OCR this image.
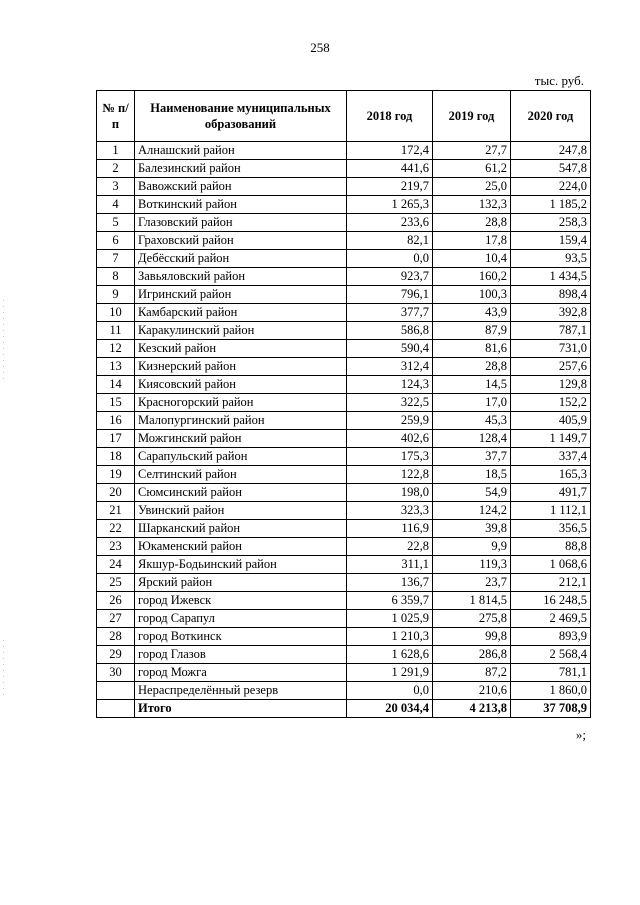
258
тыс. руб.
№ п/п	Наименование муниципальных образований	2018 год	2019 год	2020 год
1	Алнашский район	172,4	27,7	247,8
2	Балезинский район	441,6	61,2	547,8
3	Вавожский район	219,7	25,0	224,0
4	Воткинский район	1 265,3	132,3	1 185,2
5	Глазовский район	233,6	28,8	258,3
6	Граховский район	82,1	17,8	159,4
7	Дебёсский район	0,0	10,4	93,5
8	Завьяловский район	923,7	160,2	1 434,5
9	Игринский район	796,1	100,3	898,4
10	Камбарский район	377,7	43,9	392,8
11	Каракулинский район	586,8	87,9	787,1
12	Кезский район	590,4	81,6	731,0
13	Кизнерский район	312,4	28,8	257,6
14	Киясовский район	124,3	14,5	129,8
15	Красногорский район	322,5	17,0	152,2
16	Малопургинский район	259,9	45,3	405,9
17	Можгинский район	402,6	128,4	1 149,7
18	Сарапульский район	175,3	37,7	337,4
19	Селтинский район	122,8	18,5	165,3
20	Сюмсинский район	198,0	54,9	491,7
21	Увинский район	323,3	124,2	1 112,1
22	Шарканский район	116,9	39,8	356,5
23	Юкаменский район	22,8	9,9	88,8
24	Якшур-Бодьинский район	311,1	119,3	1 068,6
25	Ярский район	136,7	23,7	212,1
26	город Ижевск	6 359,7	1 814,5	16 248,5
27	город Сарапул	1 025,9	275,8	2 469,5
28	город Воткинск	1 210,3	99,8	893,9
29	город Глазов	1 628,6	286,8	2 568,4
30	город Можга	1 291,9	87,2	781,1
	Нераспределённый резерв	0,0	210,6	1 860,0
	Итого	20 034,4	4 213,8	37 708,9
»;
